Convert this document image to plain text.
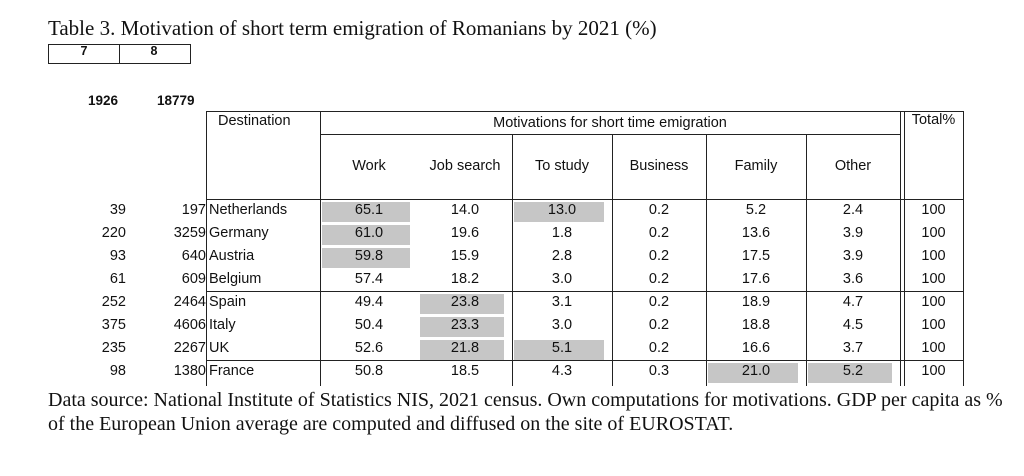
Table 3. Motivation of short term emigration of Romanians by 2021 (%)
7	8
1926	18779
Destination	Motivations for short time emigration	Total%
Work	Job search	To study	Business	Family	Other
39	197 Netherlands	65.1	14.0	13.0	0.2	5.2	2.4	100
220	3259 Germany	61.0	19.6	1.8	0.2	13.6	3.9	100
93	640 Austria	59.8	15.9	2.8	0.2	17.5	3.9	100
61	609 Belgium	57.4	18.2	3.0	0.2	17.6	3.6	100
252	2464 Spain	49.4	23.8	3.1	0.2	18.9	4.7	100
375	4606 Italy	50.4	23.3	3.0	0.2	18.8	4.5	100
235	2267 UK	52.6	21.8	5.1	0.2	16.6	3.7	100
98	1380 France	50.8	18.5	4.3	0.3	21.0	5.2	100
Data source: National Institute of Statistics NIS, 2021 census. Own computations for motivations. GDP per capita as % of the European Union average are computed and diffused on the site of EUROSTAT.
